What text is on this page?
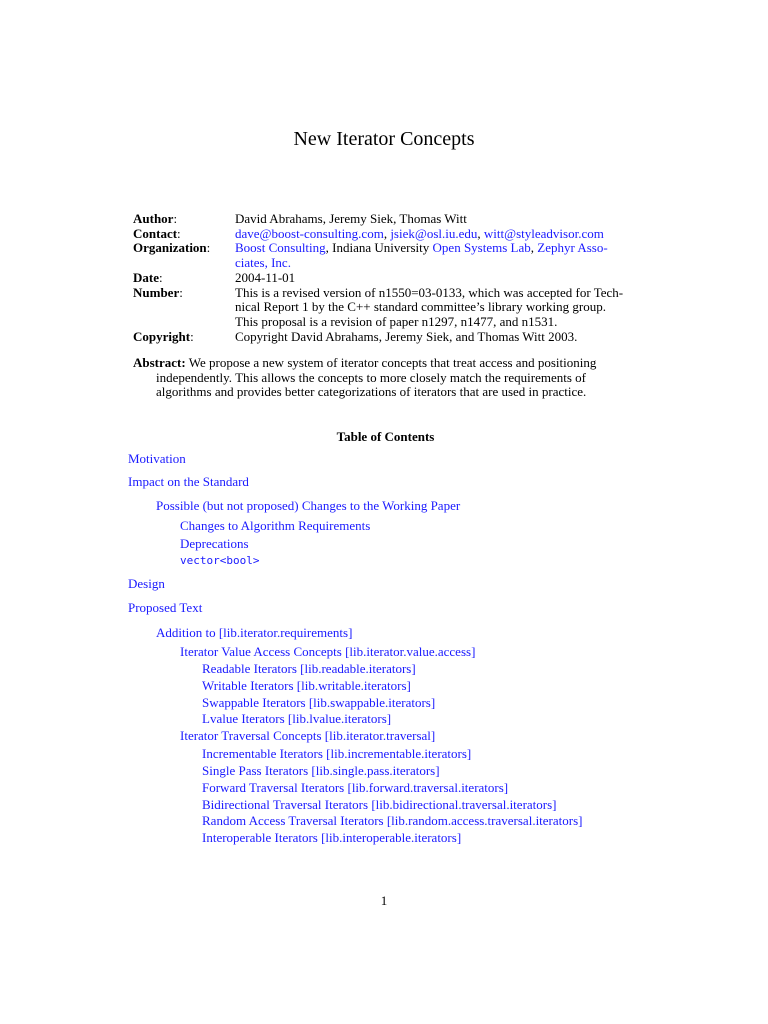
New Iterator Concepts
Author:	David Abrahams, Jeremy Siek, Thomas Witt
Contact:	dave@boost-consulting.com, jsiek@osl.iu.edu, witt@styleadvisor.com
Organization:	Boost Consulting, Indiana University Open Systems Lab, Zephyr Asso-
ciates, Inc.
Date:	2004-11-01
Number:	This is a revised version of n1550=03-0133, which was accepted for Tech-
nical Report 1 by the C++ standard committee’s library working group.
This proposal is a revision of paper n1297, n1477, and n1531.
Copyright:	Copyright David Abrahams, Jeremy Siek, and Thomas Witt 2003.
Abstract: We propose a new system of iterator concepts that treat access and positioning
independently. This allows the concepts to more closely match the requirements of
algorithms and provides better categorizations of iterators that are used in practice.
Table of Contents
Motivation
Impact on the Standard
Possible (but not proposed) Changes to the Working Paper
Changes to Algorithm Requirements
Deprecations
vector<bool>
Design
Proposed Text
Addition to [lib.iterator.requirements]
Iterator Value Access Concepts [lib.iterator.value.access]
Readable Iterators [lib.readable.iterators]
Writable Iterators [lib.writable.iterators]
Swappable Iterators [lib.swappable.iterators]
Lvalue Iterators [lib.lvalue.iterators]
Iterator Traversal Concepts [lib.iterator.traversal]
Incrementable Iterators [lib.incrementable.iterators]
Single Pass Iterators [lib.single.pass.iterators]
Forward Traversal Iterators [lib.forward.traversal.iterators]
Bidirectional Traversal Iterators [lib.bidirectional.traversal.iterators]
Random Access Traversal Iterators [lib.random.access.traversal.iterators]
Interoperable Iterators [lib.interoperable.iterators]
1
